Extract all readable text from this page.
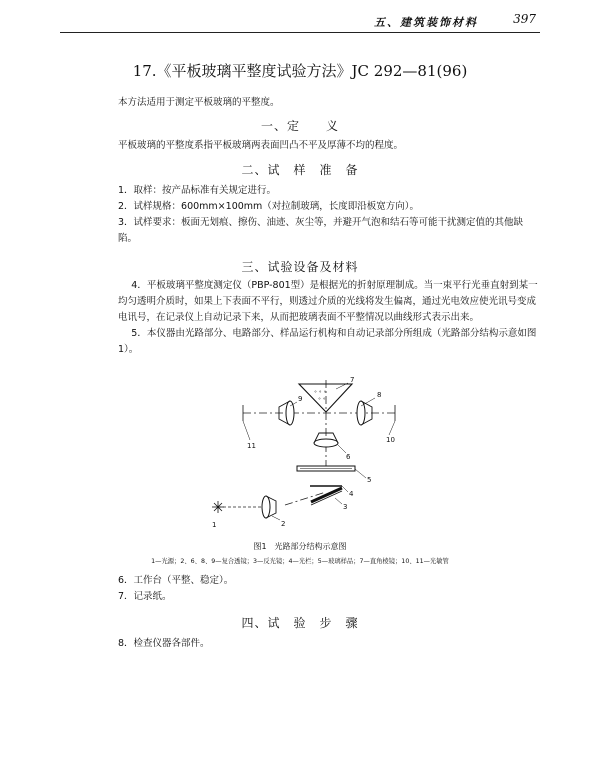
五、建筑装饰材料	397
17.《平板玻璃平整度试验方法》JC 292—81(96)
本方法适用于测定平板玻璃的平整度。
一、定　　义
平板玻璃的平整度系指平板玻璃两表面凹凸不平及厚薄不均的程度。
二、试　样　准　备
1．取样：按产品标准有关规定进行。
2．试样规格：600mm×100mm（对拉制玻璃，长度即沿板宽方向）。
3．试样要求：板面无划痕、擦伤、油迹、灰尘等，并避开气泡和结石等可能干扰测定值的其他缺陷。
三、试验设备及材料
4．平板玻璃平整度测定仪（PBP-801型）是根据光的折射原理制成。当一束平行光垂直射到某一均匀透明介质时，如果上下表面不平行，则透过介质的光线将发生偏离，通过光电效应使光讯号变成电讯号，在记录仪上自动记录下来，从而把玻璃表面不平整情况以曲线形式表示出来。
5．本仪器由光路部分、电路部分、样品运行机构和自动记录部分所组成（光路部分结构示意如图1）。
∘ ∘ ∘
∘ ∘
7
8
9
10
11
6
5
4
3
2
1
图1　光路部分结构示意图
1—光源；2、6、8、9—复合透镜；3—反光镜；4—光栏；5—玻璃样品；7—直角棱镜；10、11—光敏管
6．工作台（平整、稳定）。
7．记录纸。
四、试　验　步　骤
8．检查仪器各部件。
